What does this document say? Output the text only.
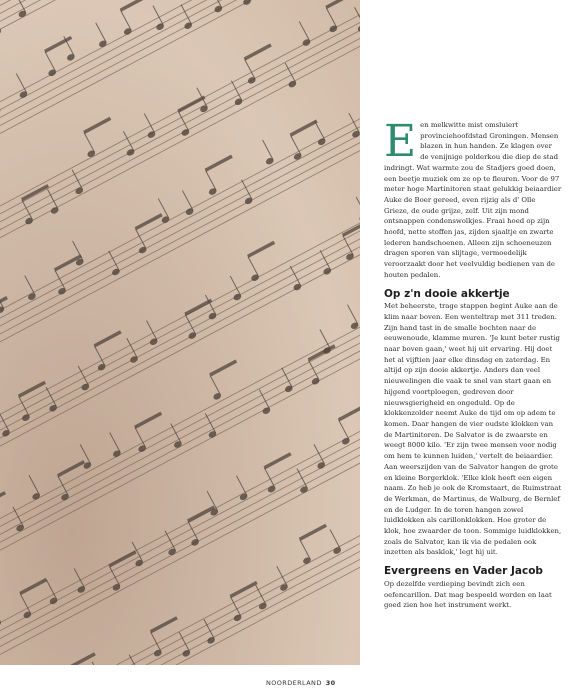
Een melkwitte mist omsluiert provinciehoofdstad Groningen. Mensen blazen in hun handen. Ze klagen over de venijnige polderkou die diep de stad indringt. Wat warmte zou de Stadjers goed doen, een beetje muziek om ze op te fleuren. Voor de 97 meter hoge Martinitoren staat gelukkig beiaardier Auke de Boer gereed, even rijzig als d' Olle Grieze, de oude grijze, zelf. Uit zijn mond ontsnappen condenswolkjes. Fraai hoed op zijn hoofd, nette stoffen jas, zijden sjaaltje en zwarte lederen handschoenen. Alleen zijn schoeneuzen dragen sporen van slijtage, vermoedelijk veroorzaakt door het veelvuldig bedienen van de houten pedalen.

Op z'n dooie akkertje

Met beheerste, trage stappen begint Auke aan de klim naar boven. Een wenteltrap met 311 treden. Zijn hand tast in de smalle bochten naar de eeuwenoude, klamme muren. 'Je kunt beter rustig naar boven gaan,' weet hij uit ervaring. Hij doet het al vijftien jaar elke dinsdag en zaterdag. En altijd op zijn dooie akkertje. Anders dan veel nieuwelingen die vaak te snel van start gaan en hijgend voortploegen, gedreven door nieuwsgierigheid en ongeduld. Op de klokkenzolder neemt Auke de tijd om op adem te komen. Daar hangen de vier oudste klokken van de Martinitoren. De Salvator is de zwaarste en weegt 8000 kilo. 'Er zijn twee mensen voor nodig om hem te kunnen luiden,' vertelt de beiaardier. Aan weerszijden van de Salvator hangen de grote en kleine Borgerklok. 'Elke klok heeft een eigen naam. Zo heb je ook de Kromstaart, de Ruimstraat de Werkman, de Martinus, de Walburg, de Bernlef en de Ludger. In de toren hangen zowel luidklokken als carillonklokken. Hoe groter de klok, hoe zwaarder de toon. Sommige luidklokken, zoals de Salvator, kan ik via de pedalen ook inzetten als basklok,' legt hij uit.

Evergreens en Vader Jacob

Op dezelfde verdieping bevindt zich een oefencarillon. Dat mag bespeeld worden en laat goed zien hoe het instrument werkt.

NOORDERLAND 30
